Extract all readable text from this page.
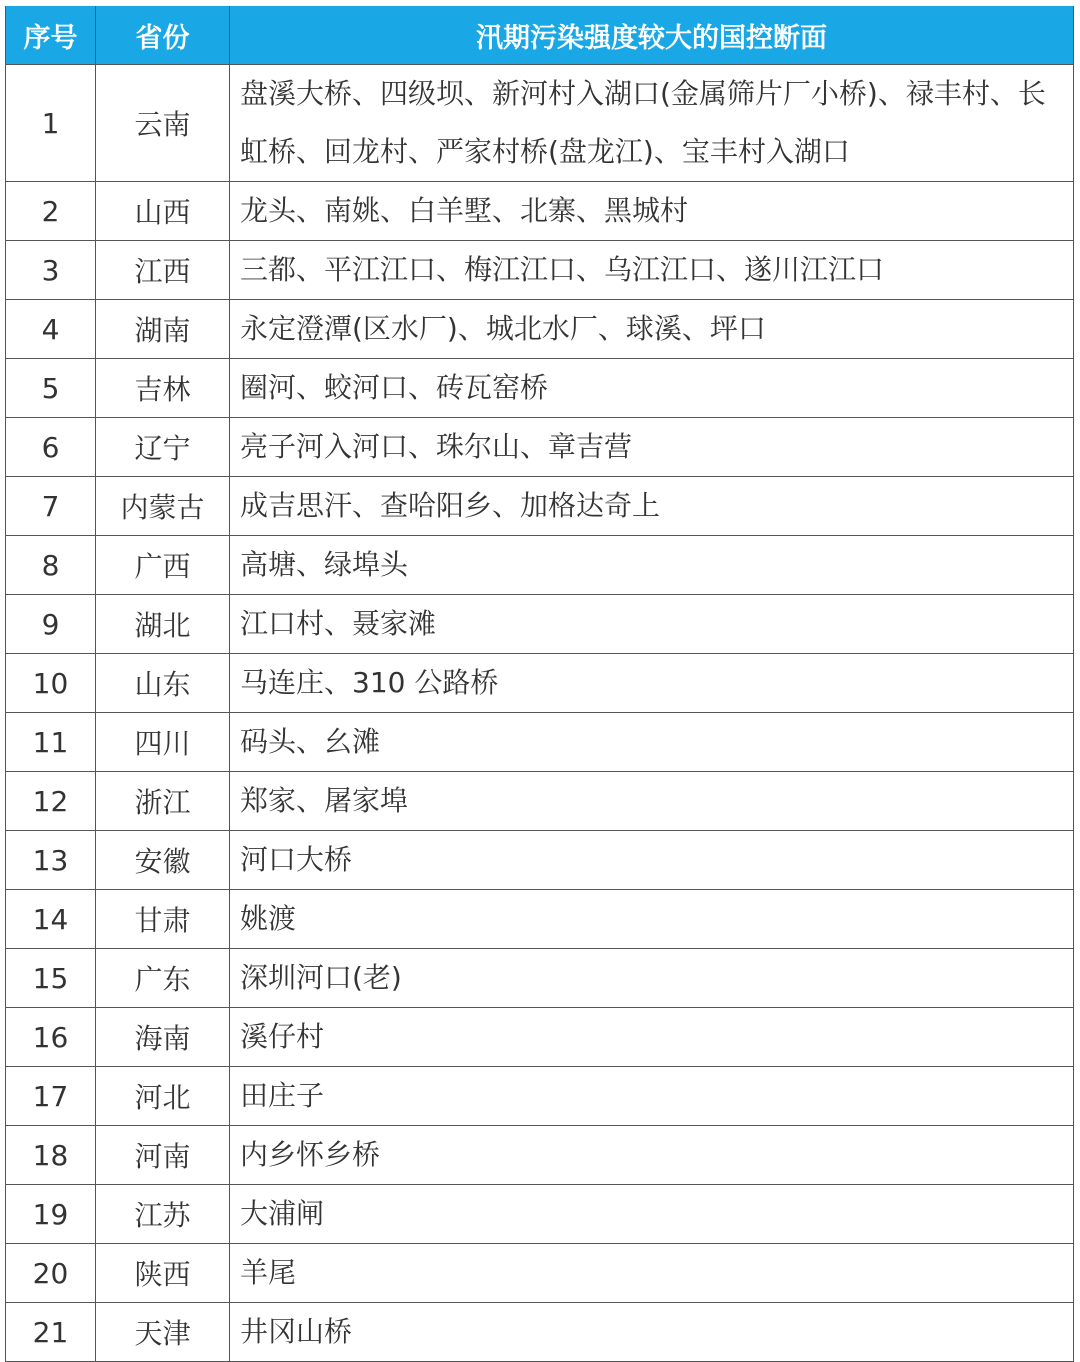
序号	省份	汛期污染强度较大的国控断面
1	云南	盘溪大桥、四级坝、新河村入湖口(金属筛片厂小桥)、禄丰村、长虹桥、回龙村、严家村桥(盘龙江)、宝丰村入湖口
2	山西	龙头、南姚、白羊墅、北寨、黑城村
3	江西	三都、平江江口、梅江江口、乌江江口、遂川江江口
4	湖南	永定澄潭(区水厂)、城北水厂、球溪、坪口
5	吉林	圈河、蛟河口、砖瓦窑桥
6	辽宁	亮子河入河口、珠尔山、章吉营
7	内蒙古	成吉思汗、查哈阳乡、加格达奇上
8	广西	高塘、绿埠头
9	湖北	江口村、聂家滩
10	山东	马连庄、310 公路桥
11	四川	码头、幺滩
12	浙江	郑家、屠家埠
13	安徽	河口大桥
14	甘肃	姚渡
15	广东	深圳河口(老)
16	海南	溪仔村
17	河北	田庄子
18	河南	内乡怀乡桥
19	江苏	大浦闸
20	陕西	羊尾
21	天津	井冈山桥
